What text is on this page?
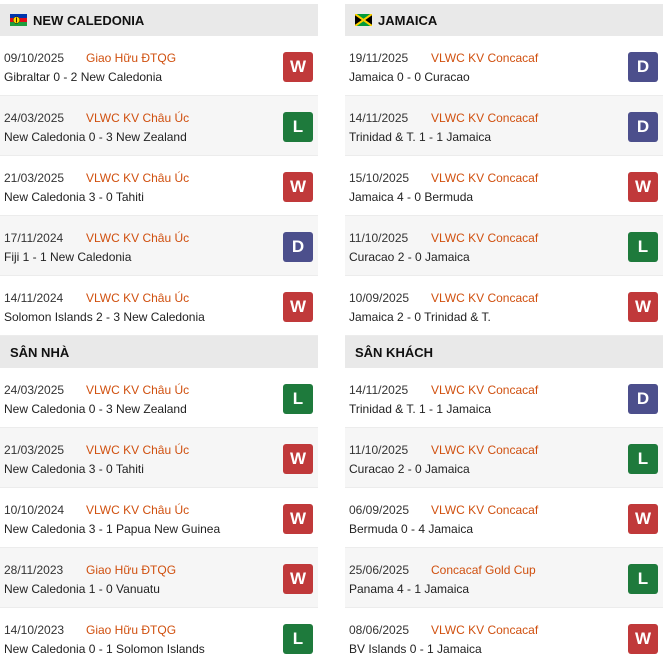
NEW CALEDONIA
09/10/2025 Giao Hữu ĐTQG
Gibraltar 0 - 2 New Caledonia
W
24/03/2025 VLWC KV Châu Úc
New Caledonia 0 - 3 New Zealand
L
21/03/2025 VLWC KV Châu Úc
New Caledonia 3 - 0 Tahiti
W
17/11/2024 VLWC KV Châu Úc
Fiji 1 - 1 New Caledonia
D
14/11/2024 VLWC KV Châu Úc
Solomon Islands 2 - 3 New Caledonia
W
SÂN NHÀ
24/03/2025 VLWC KV Châu Úc
New Caledonia 0 - 3 New Zealand
L
21/03/2025 VLWC KV Châu Úc
New Caledonia 3 - 0 Tahiti
W
10/10/2024 VLWC KV Châu Úc
New Caledonia 3 - 1 Papua New Guinea
W
28/11/2023 Giao Hữu ĐTQG
New Caledonia 1 - 0 Vanuatu
W
14/10/2023 Giao Hữu ĐTQG
New Caledonia 0 - 1 Solomon Islands
L
JAMAICA
19/11/2025 VLWC KV Concacaf
Jamaica 0 - 0 Curacao
D
14/11/2025 VLWC KV Concacaf
Trinidad & T. 1 - 1 Jamaica
D
15/10/2025 VLWC KV Concacaf
Jamaica 4 - 0 Bermuda
W
11/10/2025 VLWC KV Concacaf
Curacao 2 - 0 Jamaica
L
10/09/2025 VLWC KV Concacaf
Jamaica 2 - 0 Trinidad & T.
W
SÂN KHÁCH
14/11/2025 VLWC KV Concacaf
Trinidad & T. 1 - 1 Jamaica
D
11/10/2025 VLWC KV Concacaf
Curacao 2 - 0 Jamaica
L
06/09/2025 VLWC KV Concacaf
Bermuda 0 - 4 Jamaica
W
25/06/2025 Concacaf Gold Cup
Panama 4 - 1 Jamaica
L
08/06/2025 VLWC KV Concacaf
BV Islands 0 - 1 Jamaica
W
